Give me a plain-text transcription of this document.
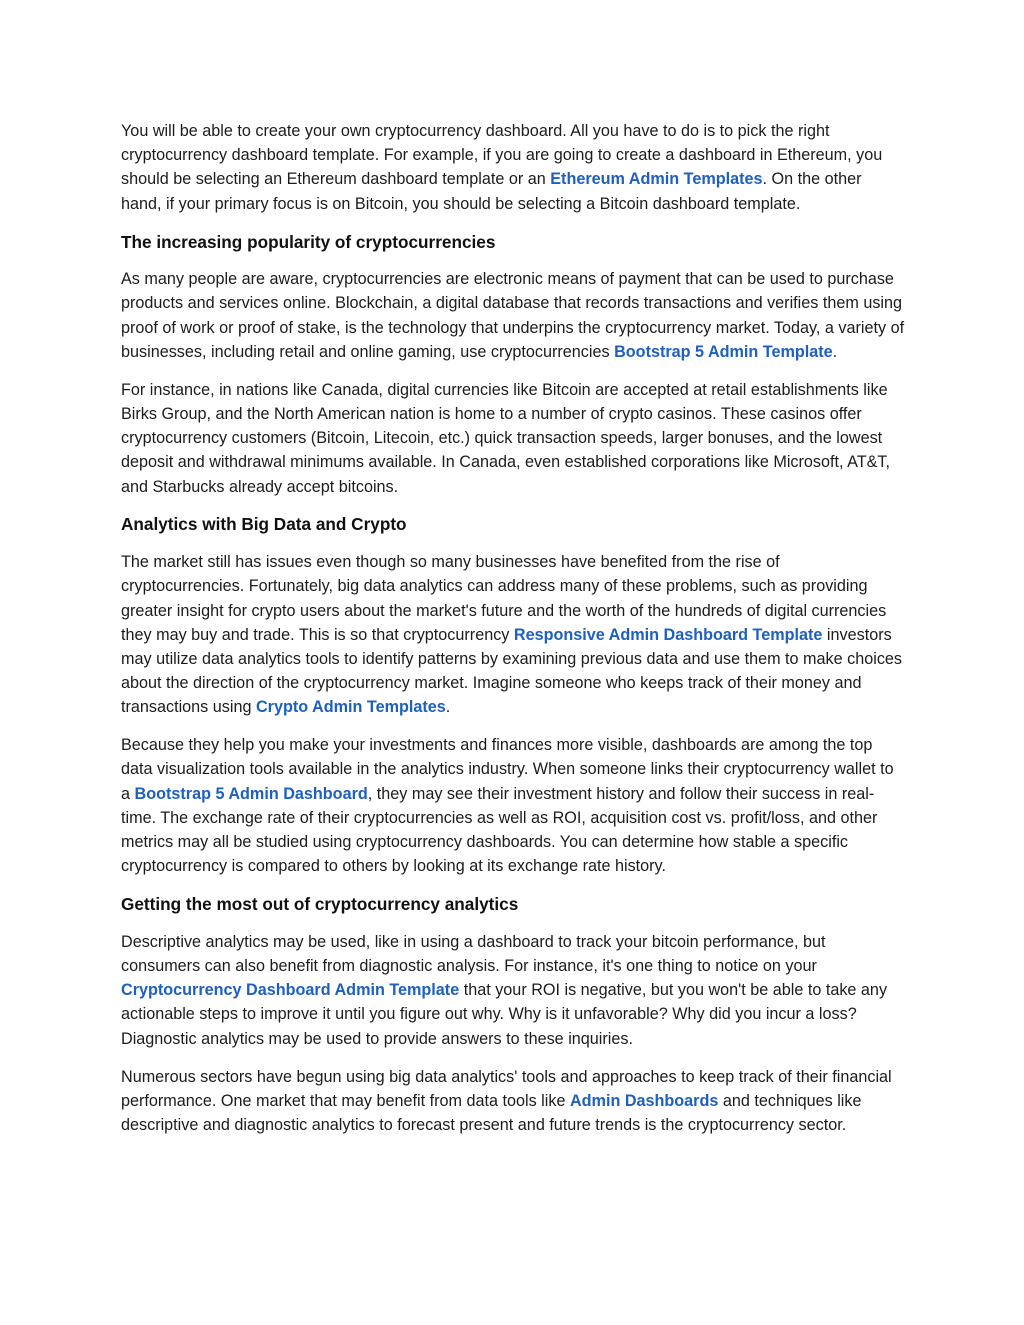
You will be able to create your own cryptocurrency dashboard. All you have to do is to pick the right cryptocurrency dashboard template. For example, if you are going to create a dashboard in Ethereum, you should be selecting an Ethereum dashboard template or an Ethereum Admin Templates. On the other hand, if your primary focus is on Bitcoin, you should be selecting a Bitcoin dashboard template.

The increasing popularity of cryptocurrencies

As many people are aware, cryptocurrencies are electronic means of payment that can be used to purchase products and services online. Blockchain, a digital database that records transactions and verifies them using proof of work or proof of stake, is the technology that underpins the cryptocurrency market. Today, a variety of businesses, including retail and online gaming, use cryptocurrencies Bootstrap 5 Admin Template.

For instance, in nations like Canada, digital currencies like Bitcoin are accepted at retail establishments like Birks Group, and the North American nation is home to a number of crypto casinos. These casinos offer cryptocurrency customers (Bitcoin, Litecoin, etc.) quick transaction speeds, larger bonuses, and the lowest deposit and withdrawal minimums available. In Canada, even established corporations like Microsoft, AT&T, and Starbucks already accept bitcoins.

Analytics with Big Data and Crypto

The market still has issues even though so many businesses have benefited from the rise of cryptocurrencies. Fortunately, big data analytics can address many of these problems, such as providing greater insight for crypto users about the market's future and the worth of the hundreds of digital currencies they may buy and trade. This is so that cryptocurrency Responsive Admin Dashboard Template investors may utilize data analytics tools to identify patterns by examining previous data and use them to make choices about the direction of the cryptocurrency market. Imagine someone who keeps track of their money and transactions using Crypto Admin Templates.

Because they help you make your investments and finances more visible, dashboards are among the top data visualization tools available in the analytics industry. When someone links their cryptocurrency wallet to a Bootstrap 5 Admin Dashboard, they may see their investment history and follow their success in real-time. The exchange rate of their cryptocurrencies as well as ROI, acquisition cost vs. profit/loss, and other metrics may all be studied using cryptocurrency dashboards. You can determine how stable a specific cryptocurrency is compared to others by looking at its exchange rate history.

Getting the most out of cryptocurrency analytics

Descriptive analytics may be used, like in using a dashboard to track your bitcoin performance, but consumers can also benefit from diagnostic analysis. For instance, it's one thing to notice on your Cryptocurrency Dashboard Admin Template that your ROI is negative, but you won't be able to take any actionable steps to improve it until you figure out why. Why is it unfavorable? Why did you incur a loss? Diagnostic analytics may be used to provide answers to these inquiries.

Numerous sectors have begun using big data analytics' tools and approaches to keep track of their financial performance. One market that may benefit from data tools like Admin Dashboards and techniques like descriptive and diagnostic analytics to forecast present and future trends is the cryptocurrency sector.
